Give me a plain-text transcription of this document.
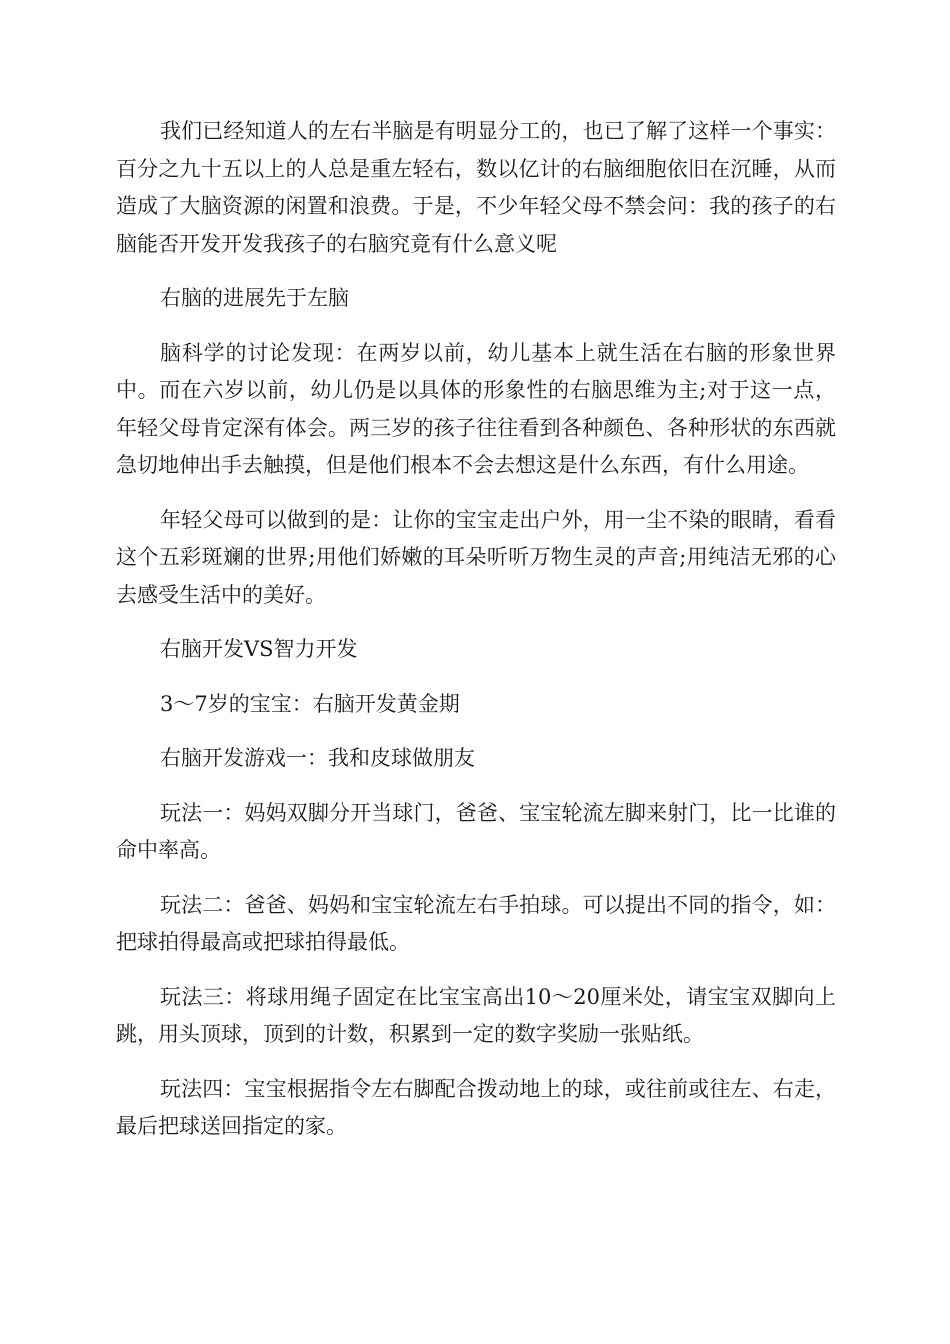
我们已经知道人的左右半脑是有明显分工的，也已了解了这样一个事实：百分之九十五以上的人总是重左轻右，数以亿计的右脑细胞依旧在沉睡，从而造成了大脑资源的闲置和浪费。于是，不少年轻父母不禁会问：我的孩子的右脑能否开发开发我孩子的右脑究竟有什么意义呢

右脑的进展先于左脑

脑科学的讨论发现：在两岁以前，幼儿基本上就生活在右脑的形象世界中。而在六岁以前，幼儿仍是以具体的形象性的右脑思维为主;对于这一点，年轻父母肯定深有体会。两三岁的孩子往往看到各种颜色、各种形状的东西就急切地伸出手去触摸，但是他们根本不会去想这是什么东西，有什么用途。

年轻父母可以做到的是：让你的宝宝走出户外，用一尘不染的眼睛，看看这个五彩斑斓的世界;用他们娇嫩的耳朵听听万物生灵的声音;用纯洁无邪的心去感受生活中的美好。

右脑开发VS智力开发

3～7岁的宝宝：右脑开发黄金期

右脑开发游戏一：我和皮球做朋友

玩法一：妈妈双脚分开当球门，爸爸、宝宝轮流左脚来射门，比一比谁的命中率高。

玩法二：爸爸、妈妈和宝宝轮流左右手拍球。可以提出不同的指令，如：把球拍得最高或把球拍得最低。

玩法三：将球用绳子固定在比宝宝高出10～20厘米处，请宝宝双脚向上跳，用头顶球，顶到的计数，积累到一定的数字奖励一张贴纸。

玩法四：宝宝根据指令左右脚配合拨动地上的球，或往前或往左、右走，最后把球送回指定的家。
